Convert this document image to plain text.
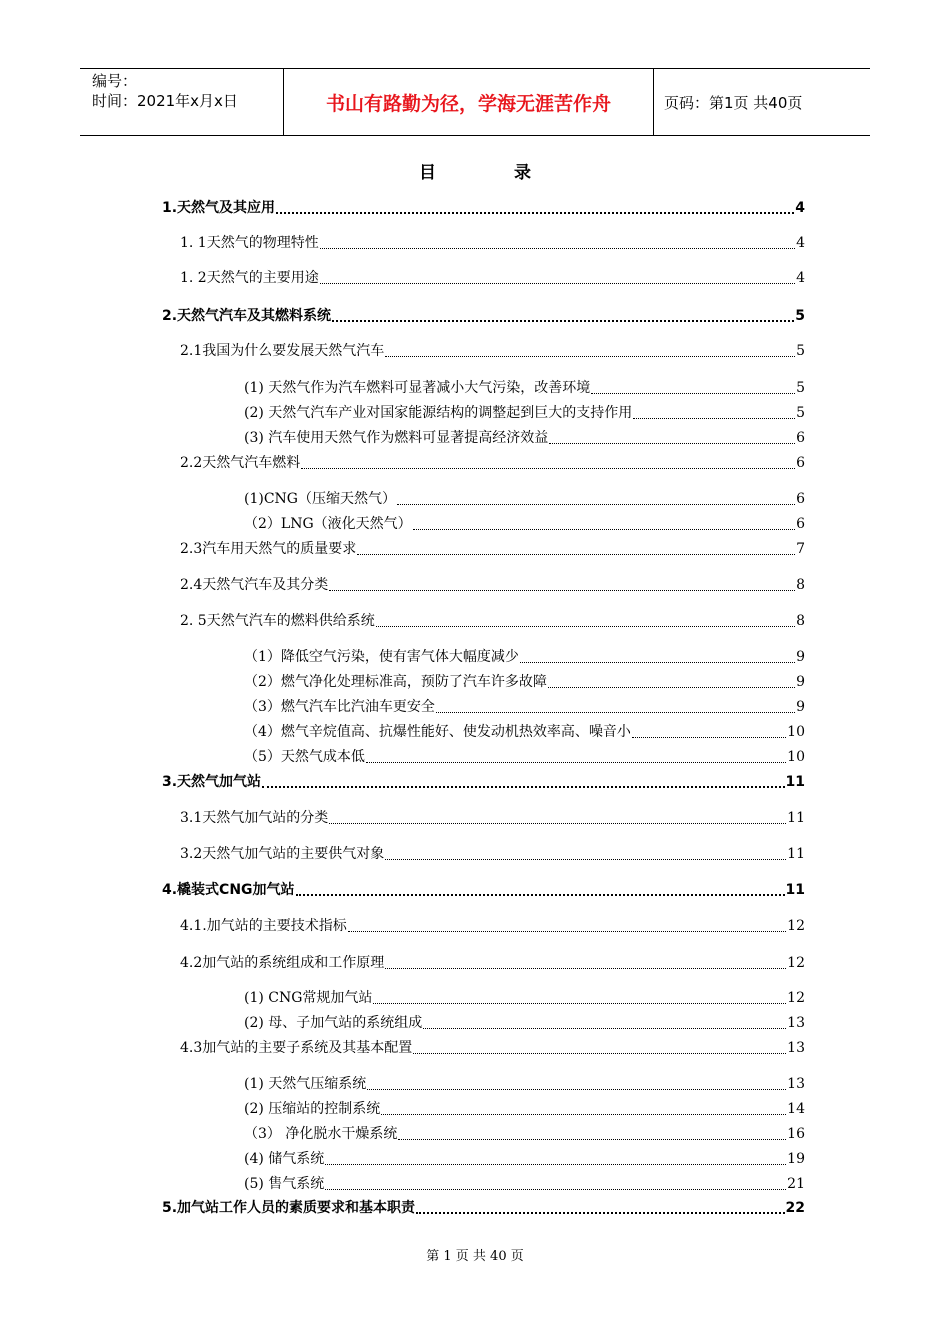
编号：
时间：2021年x月x日	书山有路勤为径，学海无涯苦作舟	页码：第1页 共40页
目	录
1.天然气及其应用	4
1. 1天然气的物理特性	4
1. 2天然气的主要用途	4
2.天然气汽车及其燃料系统	5
2.1我国为什么要发展天然气汽车	5
(1) 天然气作为汽车燃料可显著减小大气污染，改善环境	5
(2) 天然气汽车产业对国家能源结构的调整起到巨大的支持作用	5
(3) 汽车使用天然气作为燃料可显著提高经济效益	6
2.2天然气汽车燃料	6
(1)CNG（压缩天然气）	6
（2）LNG（液化天然气）	6
2.3汽车用天然气的质量要求	7
2.4天然气汽车及其分类	8
2. 5天然气汽车的燃料供给系统	8
（1）降低空气污染，使有害气体大幅度减少	9
（2）燃气净化处理标准高，预防了汽车许多故障	9
（3）燃气汽车比汽油车更安全	9
（4）燃气辛烷值高、抗爆性能好、使发动机热效率高、噪音小	10
（5）天然气成本低	10
3.天然气加气站	11
3.1天然气加气站的分类	11
3.2天然气加气站的主要供气对象	11
4.橇装式CNG加气站	11
4.1.加气站的主要技术指标	12
4.2加气站的系统组成和工作原理	12
(1) CNG常规加气站	12
(2) 母、子加气站的系统组成	13
4.3加气站的主要子系统及其基本配置	13
(1) 天然气压缩系统	13
(2) 压缩站的控制系统	14
（3） 净化脱水干燥系统	16
(4) 储气系统	19
(5) 售气系统	21
5.加气站工作人员的素质要求和基本职责	22
第 1 页 共 40 页
